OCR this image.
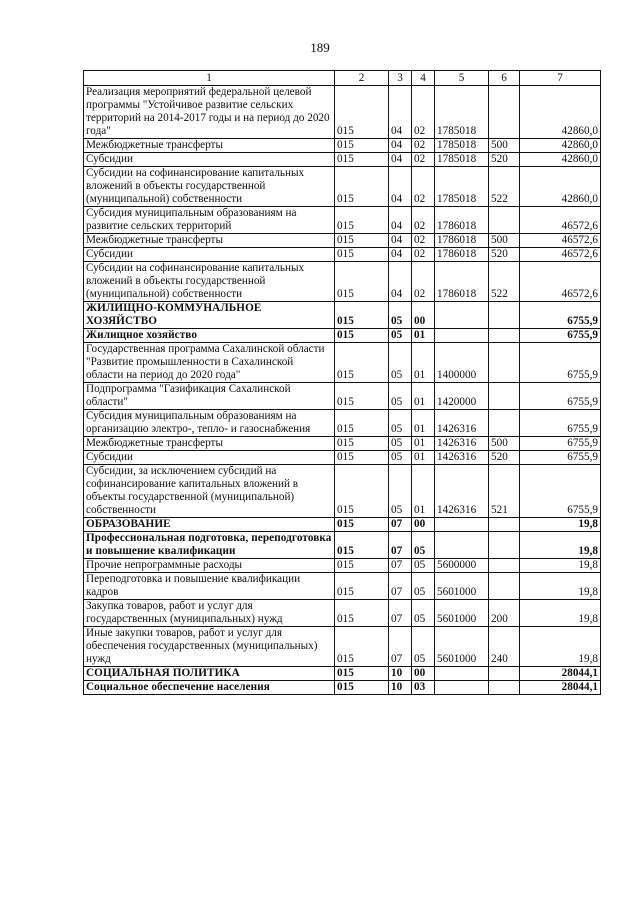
189
1	2	3	4	5	6	7
Реализация мероприятий федеральной целевой программы "Устойчивое развитие сельских территорий на 2014-2017 годы и на период до 2020 года"	015	04	02	1785018		42860,0
Межбюджетные трансферты	015	04	02	1785018	500	42860,0
Субсидии	015	04	02	1785018	520	42860,0
Субсидии на софинансирование капитальных вложений в объекты государственной (муниципальной) собственности	015	04	02	1785018	522	42860,0
Субсидия муниципальным образованиям на развитие сельских территорий	015	04	02	1786018		46572,6
Межбюджетные трансферты	015	04	02	1786018	500	46572,6
Субсидии	015	04	02	1786018	520	46572,6
Субсидии на софинансирование капитальных вложений в объекты государственной (муниципальной) собственности	015	04	02	1786018	522	46572,6
ЖИЛИЩНО-КОММУНАЛЬНОЕ ХОЗЯЙСТВО	015	05	00			6755,9
Жилищное хозяйство	015	05	01			6755,9
Государственная программа Сахалинской области "Развитие промышленности в Сахалинской области на период до 2020 года"	015	05	01	1400000		6755,9
Подпрограмма "Газификация Сахалинской области"	015	05	01	1420000		6755,9
Субсидия муниципальным образованиям на организацию электро-, тепло- и газоснабжения	015	05	01	1426316		6755,9
Межбюджетные трансферты	015	05	01	1426316	500	6755,9
Субсидии	015	05	01	1426316	520	6755,9
Субсидии, за исключением субсидий на софинансирование капитальных вложений в объекты государственной (муниципальной) собственности	015	05	01	1426316	521	6755,9
ОБРАЗОВАНИЕ	015	07	00			19,8
Профессиональная подготовка, переподготовка и повышение квалификации	015	07	05			19,8
Прочие непрограммные расходы	015	07	05	5600000		19,8
Переподготовка и повышение квалификации кадров	015	07	05	5601000		19,8
Закупка товаров, работ и услуг для государственных (муниципальных) нужд	015	07	05	5601000	200	19,8
Иные закупки товаров, работ и услуг для обеспечения государственных (муниципальных) нужд	015	07	05	5601000	240	19,8
СОЦИАЛЬНАЯ ПОЛИТИКА	015	10	00			28044,1
Социальное обеспечение населения	015	10	03			28044,1
